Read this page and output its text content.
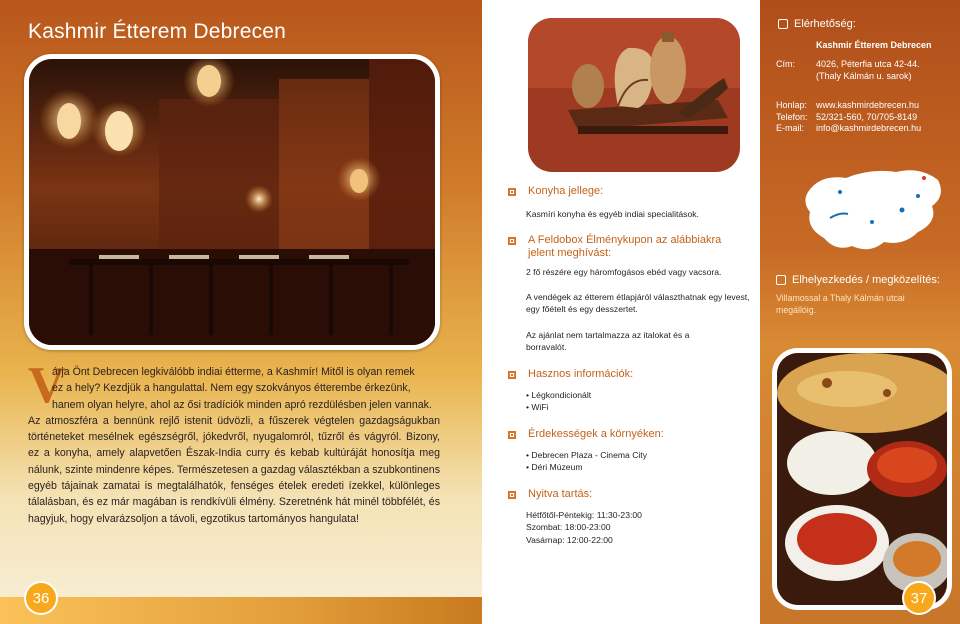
Kashmir Étterem Debrecen
V

árja Önt Debrecen legkiválóbb indiai étterme, a Kashmír! Mitől is olyan remek

ez a hely? Kezdjük a hangulattal. Nem egy szokványos étterembe érkezünk,

hanem olyan helyre, ahol az ősi tradíciók minden apró rezdülésben jelen vannak.

Az atmoszféra a bennünk rejlő istenit üdvözli, a fűszerek végtelen gazdagságukban történeteket mesélnek egészségről, jókedvről, nyugalomról, tűzről és vágyról. Bizony, ez a konyha, amely alapvetően Észak-India curry és kebab kultúráját honosítja meg nálunk, szinte mindenre képes. Természetesen a gazdag választékban a szubkontinens egyéb tájainak zamatai is megtalálhatók, fenséges ételek eredeti ízekkel, különleges tálalásban, és ez már magában is rendkívüli élmény. Szeretnénk hát minél többfélét, és hagyjuk, hogy elvarázsoljon a távoli, egzotikus tartományos hangulata!

36
Konyha jellege:
Kasmíri konyha és egyéb indiai specialitások.
A Feldobox Élménykupon az alábbiakra jelent meghívást:
2 fő részére egy háromfogásos ebéd vagy vacsora.
A vendégek az étterem étlapjáról választhatnak egy levest, egy főételt és egy desszertet.
Az ajánlat nem tartalmazza az italokat és a borravalót.
Hasznos információk:
• Légkondicionált
• WiFi
Érdekességek a környéken:
• Debrecen Plaza - Cinema City
• Déri Múzeum
Nyitva tartás:
Hétfőtől-Péntekig: 11:30-23:00
Szombat: 18:00-23:00
Vasárnap: 12:00-22:00
Elérhetőség:
Kashmir Étterem Debrecen
Cím: 4026, Péterfia utca 42-44.
(Thaly Kálmán u. sarok)
Honlap: www.kashmirdebrecen.hu
Telefon: 52/321-560, 70/705-8149
E-mail: info@kashmirdebrecen.hu
Elhelyezkedés / megközelítés:
Villamossal a Thaly Kálmán utcai megállóig.
37
